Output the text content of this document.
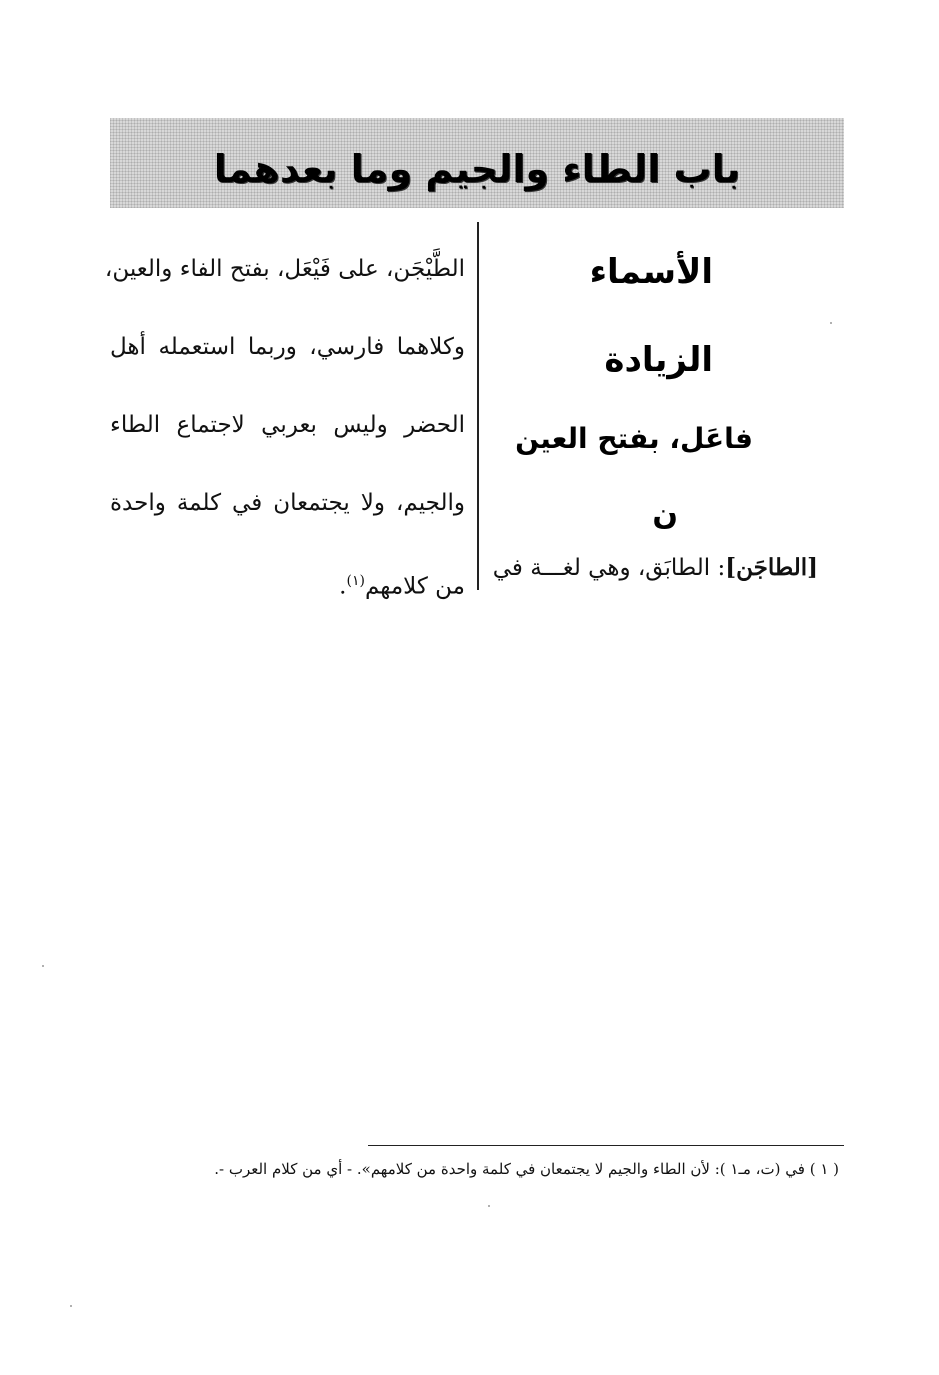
باب الطاء والجيم وما بعدهما
الأسماء
الزيادة
فاعَل، بفتح العين
ن
[الطاجَن]: الطابَق، وهي لغـــة في
الطَّيْجَن، على فَيْعَل، بفتح الفاء والعين،
وكلاهما فارسي، وربما استعمله أهل
الحضر وليس بعربي لاجتماع الطاء
والجيم، ولا يجتمعان في كلمة واحدة
من كلامهم$^{(١)}$.
( ١ ) في (ت، مـ١ ): لأن الطاء والجيم لا يجتمعان في كلمة واحدة من كلامهم». - أي من كلام العرب -.
